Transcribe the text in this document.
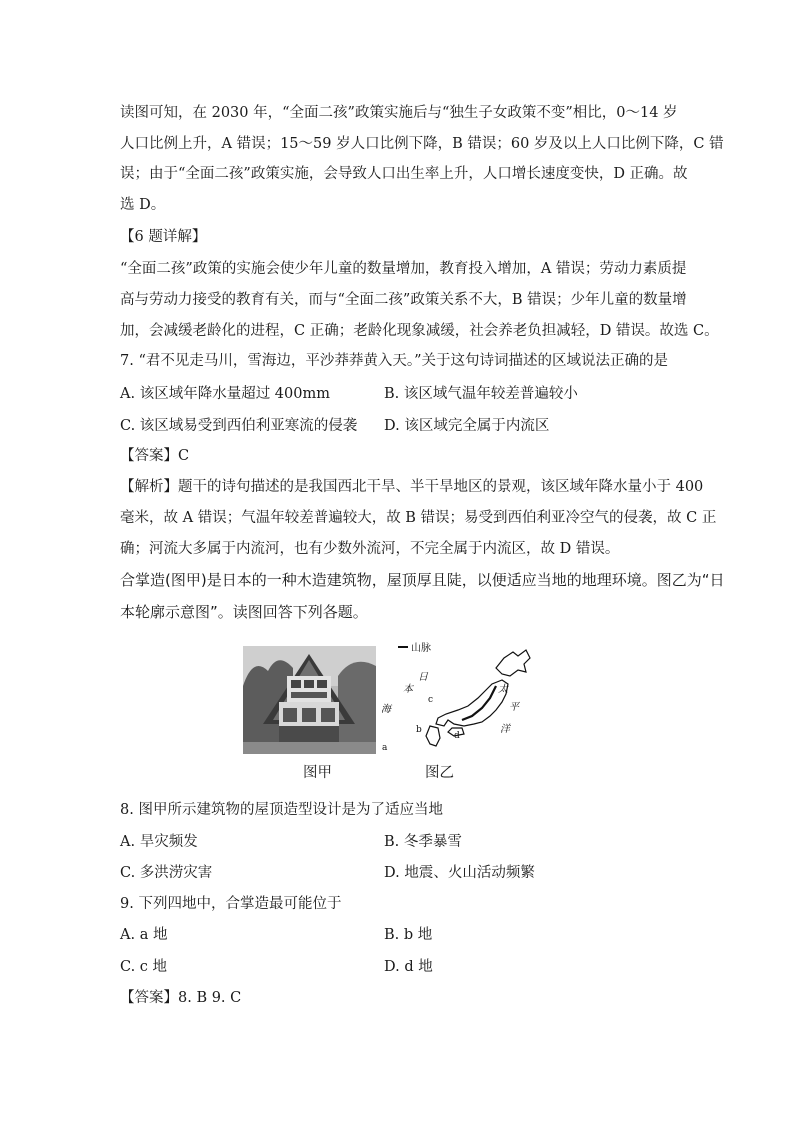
读图可知，在 2030 年，“全面二孩”政策实施后与“独生子女政策不变”相比，0～14 岁
人口比例上升，A 错误；15～59 岁人口比例下降，B 错误；60 岁及以上人口比例下降，C 错
误；由于“全面二孩”政策实施，会导致人口出生率上升，人口增长速度变快，D 正确。故
选 D。
【6 题详解】
“全面二孩”政策的实施会使少年儿童的数量增加，教育投入增加，A 错误；劳动力素质提
高与劳动力接受的教育有关，而与“全面二孩”政策关系不大，B 错误；少年儿童的数量增
加，会减缓老龄化的进程，C 正确；老龄化现象减缓，社会养老负担减轻，D 错误。故选 C。
7. “君不见走马川，雪海边，平沙莽莽黄入天。”关于这句诗词描述的区域说法正确的是
A. 该区域年降水量超过 400mm	B. 该区域气温年较差普遍较小
C. 该区域易受到西伯利亚寒流的侵袭 D. 该区域完全属于内流区
【答案】C
【解析】题干的诗句描述的是我国西北干旱、半干旱地区的景观，该区域年降水量小于 400
毫米，故 A 错误；气温年较差普遍较大，故 B 错误；易受到西伯利亚冷空气的侵袭，故 C 正
确；河流大多属于内流河，也有少数外流河，不完全属于内流区，故 D 错误。
合掌造(图甲)是日本的一种木造建筑物，屋顶厚且陡，以便适应当地的地理环境。图乙为“日
本轮廓示意图”。读图回答下列各题。
山脉
日
本
海
太
平
洋
a
b
c
d
图甲	图乙
8. 图甲所示建筑物的屋顶造型设计是为了适应当地
A. 旱灾频发	B. 冬季暴雪
C. 多洪涝灾害	D. 地震、火山活动频繁
9. 下列四地中，合掌造最可能位于
A. a 地	B. b 地
C. c 地	D. d 地
【答案】8. B 9. C
